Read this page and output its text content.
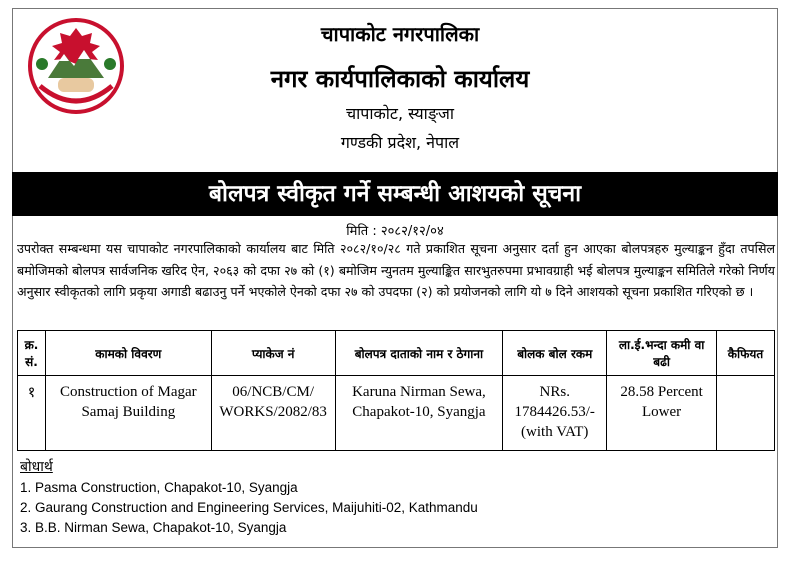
चापाकोट नगरपालिका
नगर कार्यपालिकाको कार्यालय
चापाकोट, स्याङ्जा
गण्डकी प्रदेश, नेपाल
बोलपत्र स्वीकृत गर्ने सम्बन्धी आशयको सूचना
मिति : २०८२/१२/०४
उपरोक्त सम्बन्धमा यस चापाकोट नगरपालिकाको कार्यालय बाट मिति २०८२/१०/२८ गते प्रकाशित सूचना अनुसार दर्ता हुन आएका बोलपत्रहरु मुल्याङ्कन हुँदा तपसिल बमोजिमको बोलपत्र सार्वजनिक खरिद ऐन, २०६३ को दफा २७ को (१) बमोजिम न्युनतम मुल्याङ्कित सारभुतरुपमा प्रभावग्राही भई बोलपत्र मुल्याङ्कन समितिले गरेको निर्णय अनुसार स्वीकृतको लागि प्रकृया अगाडी बढाउनु पर्ने भएकोले ऐनको दफा २७ को उपदफा (२) को प्रयोजनको लागि यो ७ दिने आशयको सूचना प्रकाशित गरिएको छ ।
क्र. सं.	कामको विवरण	प्याकेज नं	बोलपत्र दाताको नाम र ठेगाना	बोलक बोल रकम	ला.ई.भन्दा कमी वा बढी	कैफियत
१	Construction of Magar Samaj Building	06/NCB/CM/ WORKS/2082/83	Karuna Nirman Sewa, Chapakot-10, Syangja	NRs. 1784426.53/- (with VAT)	28.58 Percent Lower	
बोधार्थ
1. Pasma Construction, Chapakot-10, Syangja
2. Gaurang Construction and Engineering Services, Maijuhiti-02, Kathmandu
3. B.B. Nirman Sewa, Chapakot-10, Syangja
